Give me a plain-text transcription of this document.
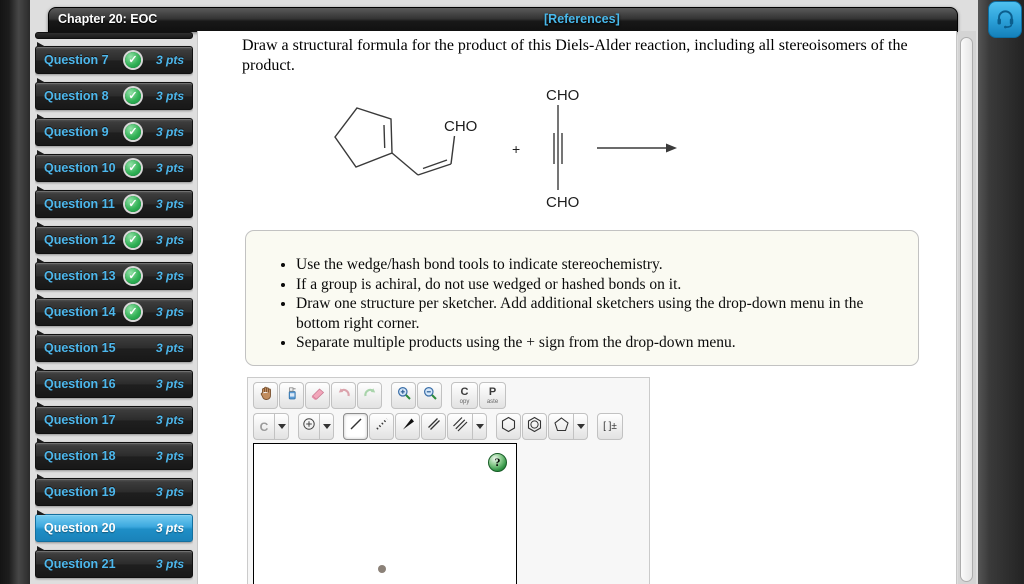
Chapter 20: EOC	[References]
Question 7	✓	3 pts
Question 8	✓	3 pts
Question 9	✓	3 pts
Question 10	✓	3 pts
Question 11	✓	3 pts
Question 12	✓	3 pts
Question 13	✓	3 pts
Question 14	✓	3 pts
Question 15	3 pts
Question 16	3 pts
Question 17	3 pts
Question 18	3 pts
Question 19	3 pts
Question 20	3 pts
Question 21	3 pts
Draw a structural formula for the product of this Diels-Alder reaction, including all stereoisomers of the product.
CHO
+
CHO
CHO
• Use the wedge/hash bond tools to indicate stereochemistry.
• If a group is achiral, do not use wedged or hashed bonds on it.
• Draw one structure per sketcher. Add additional sketchers using the drop-down menu in the bottom right corner.
• Separate multiple products using the + sign from the drop-down menu.
C
opy
P
aste
C	[ ]±
?
